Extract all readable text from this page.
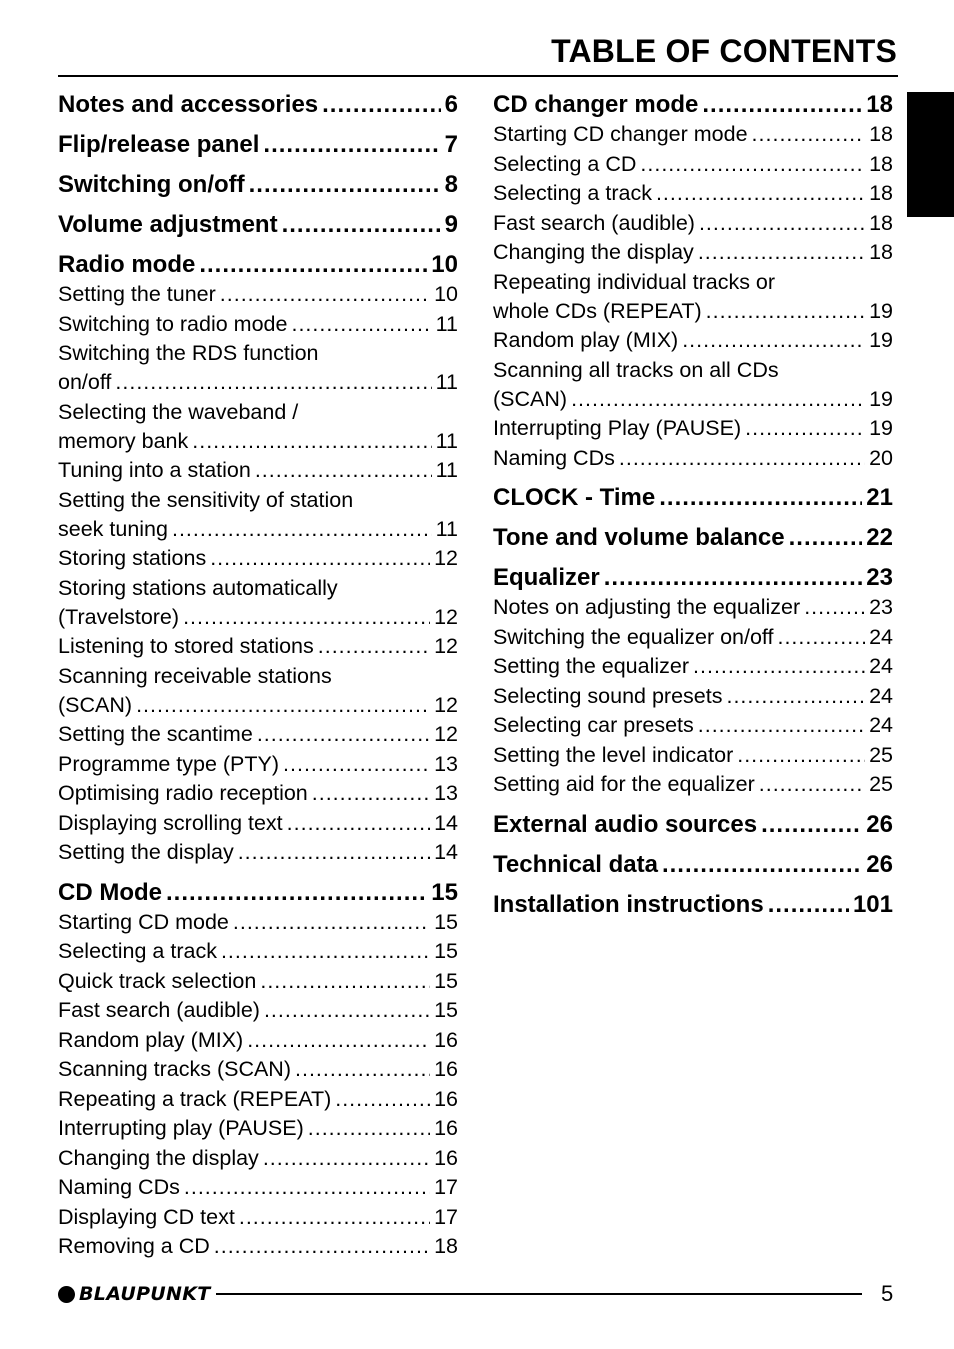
TABLE OF CONTENTS
Notes and accessories .....	6
Flip/release panel .....	7
Switching on/off .....	8
Volume adjustment .....	9
Radio mode .....	10
Setting the tuner .....	10
Switching to radio mode .....	11
Switching the RDS function
on/off .....	11
Selecting the waveband /
memory bank .....	11
Tuning into a station .....	11
Setting the sensitivity of station
seek tuning .....	11
Storing stations .....	12
Storing stations automatically
(Travelstore) .....	12
Listening to stored stations .....	12
Scanning receivable stations
(SCAN) .....	12
Setting the scantime .....	12
Programme type (PTY) .....	13
Optimising radio reception .....	13
Displaying scrolling text .....	14
Setting the display .....	14
CD Mode .....	15
Starting CD mode .....	15
Selecting a track .....	15
Quick track selection .....	15
Fast search (audible) .....	15
Random play (MIX) .....	16
Scanning tracks (SCAN) .....	16
Repeating a track (REPEAT) .....	16
Interrupting play (PAUSE) .....	16
Changing the display .....	16
Naming CDs .....	17
Displaying CD text .....	17
Removing a CD .....	18
CD changer mode .....	18
Starting CD changer mode .....	18
Selecting a CD .....	18
Selecting a track .....	18
Fast search (audible) .....	18
Changing the display .....	18
Repeating individual tracks or
whole CDs (REPEAT) .....	19
Random play (MIX) .....	19
Scanning all tracks on all CDs
(SCAN) .....	19
Interrupting Play (PAUSE) .....	19
Naming CDs .....	20
CLOCK - Time .....	21
Tone and volume balance .....	22
Equalizer .....	23
Notes on adjusting the equalizer .....	23
Switching the equalizer on/off .....	24
Setting the equalizer .....	24
Selecting sound presets .....	24
Selecting car presets .....	24
Setting the level indicator .....	25
Setting aid for the equalizer .....	25
External audio sources .....	26
Technical data .....	26
Installation instructions .....	101
BLAUPUNKT	5
